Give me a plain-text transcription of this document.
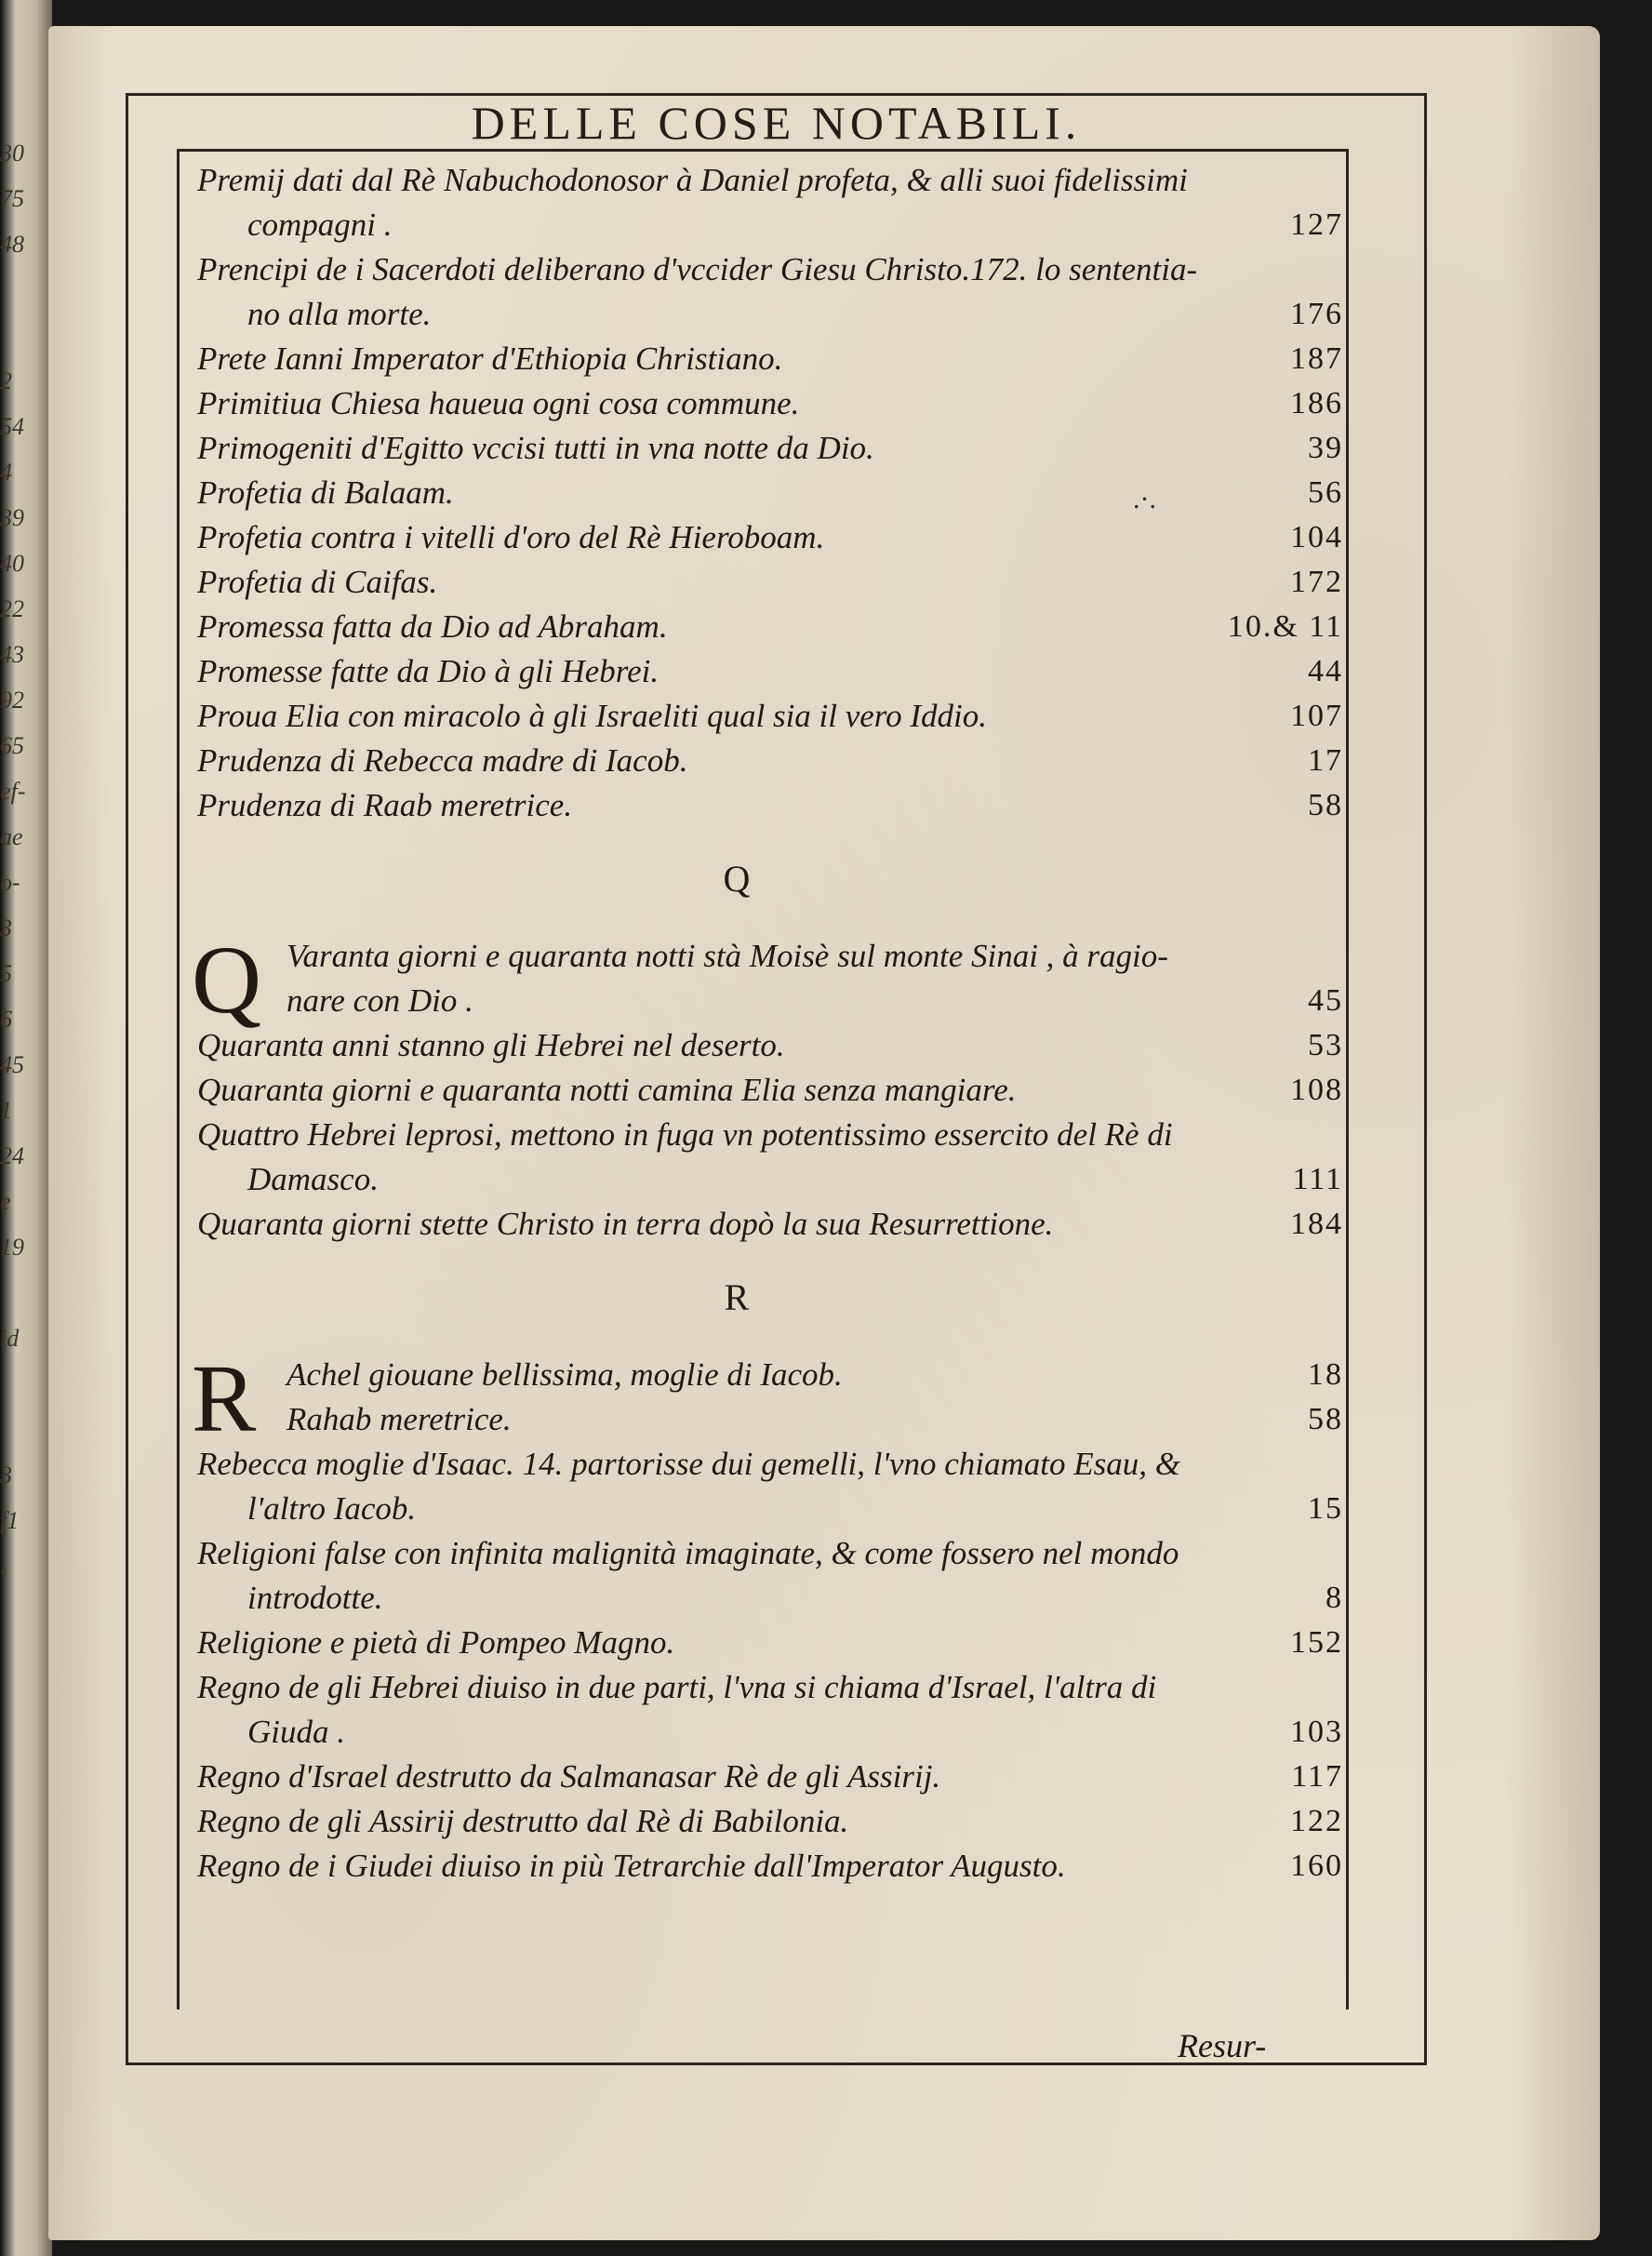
30
75
48
2
54
4
39
40
22
43
92
65
ef-
ae
o-
3
5
6
45
1
24
e
19
id
3
f1
.
DELLE COSE NOTABILI.
Premij dati dal Rè Nabuchodonosor à Daniel profeta, & alli suoi fidelissimi
compagni .	127
Prencipi de i Sacerdoti deliberano d'vccider Giesu Christo.172. lo sententia-
no alla morte.	176
Prete Ianni Imperator d'Ethiopia Christiano.	187
Primitiua Chiesa haueua ogni cosa commune.	186
Primogeniti d'Egitto vccisi tutti in vna notte da Dio.	39
Profetia di Balaam.	56
Profetia contra i vitelli d'oro del Rè Hieroboam.	104
Profetia di Caifas.	172
Promessa fatta da Dio ad Abraham.	10.& 11
Promesse fatte da Dio à gli Hebrei.	44
Proua Elia con miracolo à gli Israeliti qual sia il vero Iddio.	107
Prudenza di Rebecca madre di Iacob.	17
Prudenza di Raab meretrice.	58
Q
Q Varanta giorni e quaranta notti stà Moisè sul monte Sinai , à ragio-
nare con Dio .	45
Quaranta anni stanno gli Hebrei nel deserto.	53
Quaranta giorni e quaranta notti camina Elia senza mangiare.	108
Quattro Hebrei leprosi, mettono in fuga vn potentissimo essercito del Rè di
Damasco.	111
Quaranta giorni stette Christo in terra dopò la sua Resurrettione.	184
R
R Achel giouane bellissima, moglie di Iacob.	18
Rahab meretrice.	58
Rebecca moglie d'Isaac. 14. partorisse dui gemelli, l'vno chiamato Esau, &
l'altro Iacob.	15
Religioni false con infinita malignità imaginate, & come fossero nel mondo
introdotte.	8
Religione e pietà di Pompeo Magno.	152
Regno de gli Hebrei diuiso in due parti, l'vna si chiama d'Israel, l'altra di
Giuda .	103
Regno d'Israel destrutto da Salmanasar Rè de gli Assirij.	117
Regno de gli Assirij destrutto dal Rè di Babilonia.	122
Regno de i Giudei diuiso in più Tetrarchie dall'Imperator Augusto.	160
.·.
Resur-
